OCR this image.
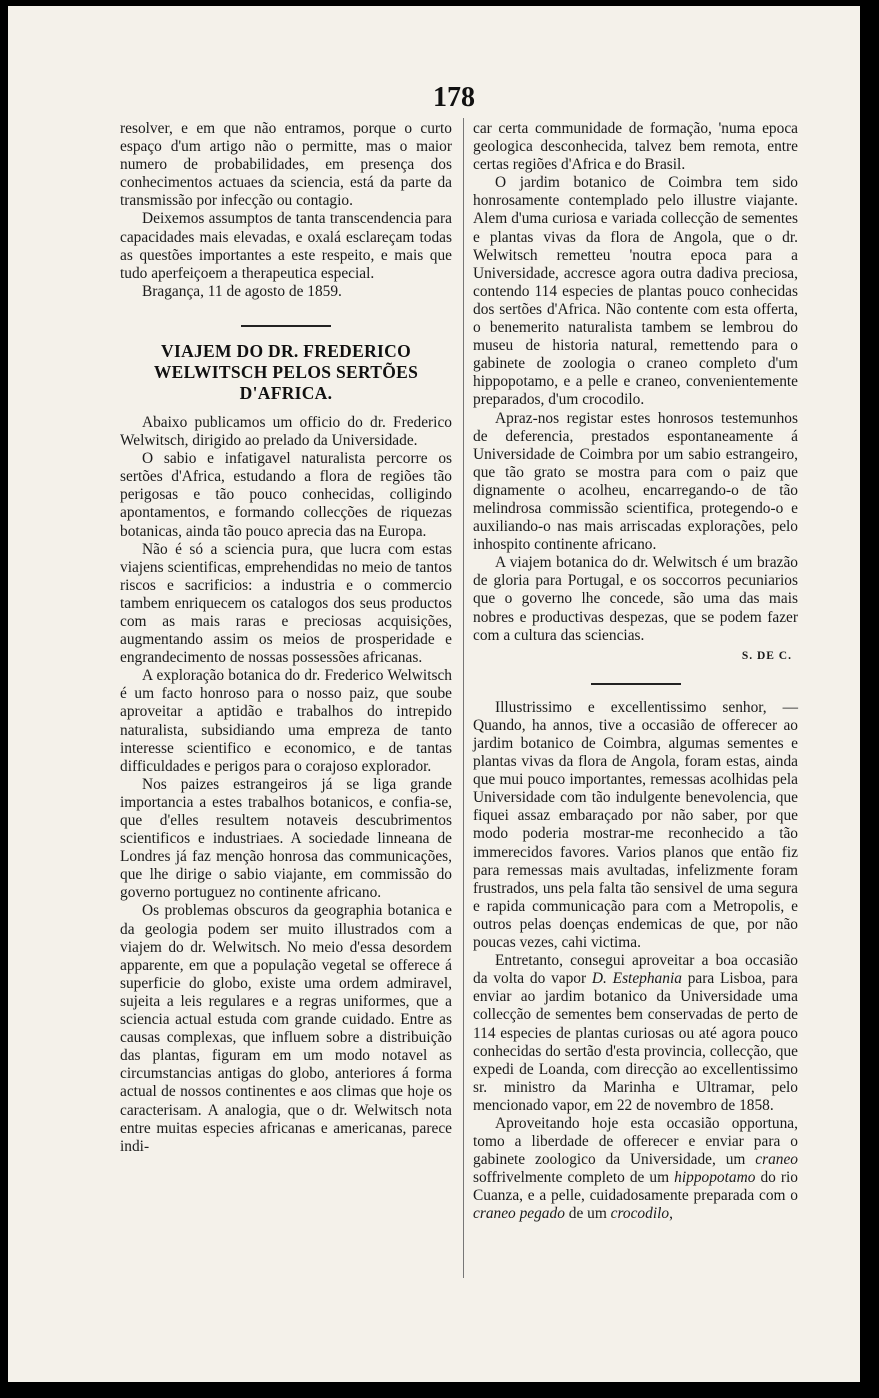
178

resolver, e em que não entramos, porque o curto espaço d'um artigo não o permitte, mas o maior numero de probabilidades, em presença dos conhecimentos actuaes da sciencia, está da parte da transmissão por infecção ou contagio.

Deixemos assumptos de tanta transcendencia para capacidades mais elevadas, e oxalá esclareçam todas as questões importantes a este respeito, e mais que tudo aperfeiçoem a therapeutica especial.

Bragança, 11 de agosto de 1859.

VIAJEM DO DR. FREDERICO WELWITSCH PELOS SERTÕES D'AFRICA.

Abaixo publicamos um officio do dr. Frederico Welwitsch, dirigido ao prelado da Universidade.

O sabio e infatigavel naturalista percorre os sertões d'Africa, estudando a flora de regiões tão perigosas e tão pouco conhecidas, colligindo apontamentos, e formando collecções de riquezas botanicas, ainda tão pouco aprecia das na Europa.

Não é só a sciencia pura, que lucra com estas viajens scientificas, emprehendidas no meio de tantos riscos e sacrificios: a industria e o commercio tambem enriquecem os catalogos dos seus productos com as mais raras e preciosas acquisições, augmentando assim os meios de prosperidade e engrandecimento de nossas possessões africanas.

A exploração botanica do dr. Frederico Welwitsch é um facto honroso para o nosso paiz, que soube aproveitar a aptidão e trabalhos do intrepido naturalista, subsidiando uma empreza de tanto interesse scientifico e economico, e de tantas difficuldades e perigos para o corajoso explorador.

Nos paizes estrangeiros já se liga grande importancia a estes trabalhos botanicos, e confia-se, que d'elles resultem notaveis descubrimentos scientificos e industriaes. A sociedade linneana de Londres já faz menção honrosa das communicações, que lhe dirige o sabio viajante, em commissão do governo portuguez no continente africano.

Os problemas obscuros da geographia botanica e da geologia podem ser muito illustrados com a viajem do dr. Welwitsch. No meio d'essa desordem apparente, em que a população vegetal se offerece á superficie do globo, existe uma ordem admiravel, sujeita a leis regulares e a regras uniformes, que a sciencia actual estuda com grande cuidado. Entre as causas complexas, que influem sobre a distribuição das plantas, figuram em um modo notavel as circumstancias antigas do globo, anteriores á forma actual de nossos continentes e aos climas que hoje os caracterisam. A analogia, que o dr. Welwitsch nota entre muitas especies africanas e americanas, parece indi-

car certa communidade de formação, 'numa epoca geologica desconhecida, talvez bem remota, entre certas regiões d'Africa e do Brasil.

O jardim botanico de Coimbra tem sido honrosamente contemplado pelo illustre viajante. Alem d'uma curiosa e variada collecção de sementes e plantas vivas da flora de Angola, que o dr. Welwitsch remetteu 'noutra epoca para a Universidade, accresce agora outra dadiva preciosa, contendo 114 especies de plantas pouco conhecidas dos sertões d'Africa. Não contente com esta offerta, o benemerito naturalista tambem se lembrou do museu de historia natural, remettendo para o gabinete de zoologia o craneo completo d'um hippopotamo, e a pelle e craneo, convenientemente preparados, d'um crocodilo.

Apraz-nos registar estes honrosos testemunhos de deferencia, prestados espontaneamente á Universidade de Coimbra por um sabio estrangeiro, que tão grato se mostra para com o paiz que dignamente o acolheu, encarregando-o de tão melindrosa commissão scientifica, protegendo-o e auxiliando-o nas mais arriscadas explorações, pelo inhospito continente africano.

A viajem botanica do dr. Welwitsch é um brazão de gloria para Portugal, e os soccorros pecuniarios que o governo lhe concede, são uma das mais nobres e productivas despezas, que se podem fazer com a cultura das sciencias.

S. DE C.

Illustrissimo e excellentissimo senhor, — Quando, ha annos, tive a occasião de offerecer ao jardim botanico de Coimbra, algumas sementes e plantas vivas da flora de Angola, foram estas, ainda que mui pouco importantes, remessas acolhidas pela Universidade com tão indulgente benevolencia, que fiquei assaz embaraçado por não saber, por que modo poderia mostrar-me reconhecido a tão immerecidos favores. Varios planos que então fiz para remessas mais avultadas, infelizmente foram frustrados, uns pela falta tão sensivel de uma segura e rapida communicação para com a Metropolis, e outros pelas doenças endemicas de que, por não poucas vezes, cahi victima.

Entretanto, consegui aproveitar a boa occasião da volta do vapor D. Estephania para Lisboa, para enviar ao jardim botanico da Universidade uma collecção de sementes bem conservadas de perto de 114 especies de plantas curiosas ou até agora pouco conhecidas do sertão d'esta provincia, collecção, que expedi de Loanda, com direcção ao excellentissimo sr. ministro da Marinha e Ultramar, pelo mencionado vapor, em 22 de novembro de 1858.

Aproveitando hoje esta occasião opportuna, tomo a liberdade de offerecer e enviar para o gabinete zoologico da Universidade, um craneo soffrivelmente completo de um hippopotamo do rio Cuanza, e a pelle, cuidadosamente preparada com o craneo pegado de um crocodilo,
